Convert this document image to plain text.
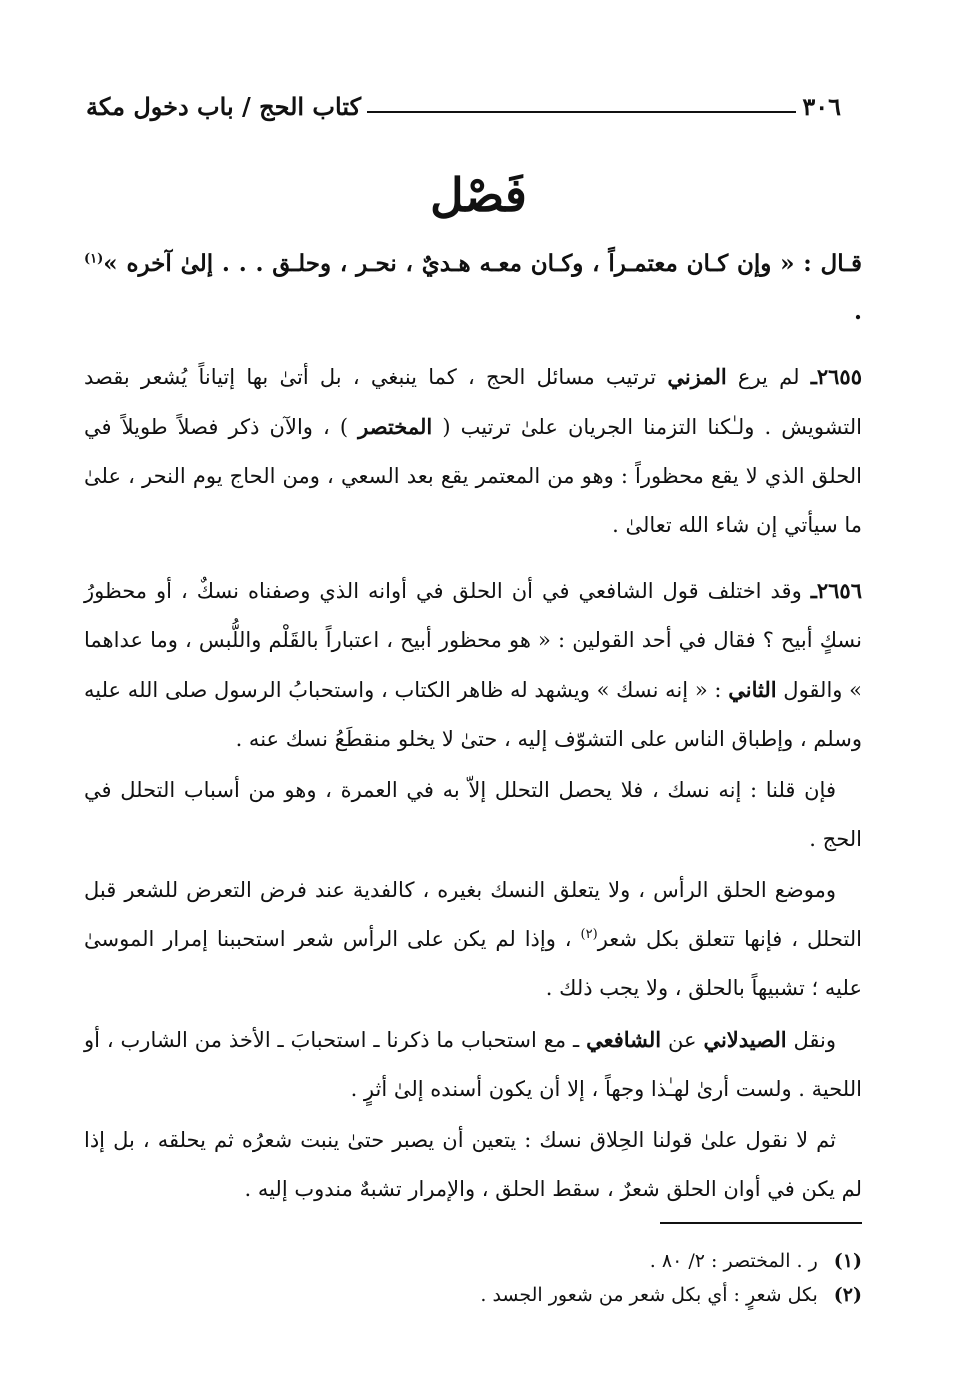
٣٠٦
كتاب الحج / باب دخول مكة
فَصْل

قـال : « وإن كـان معتمـراً ، وكـان معـه هـديٌ ، نحـر ، وحلـق . . . إلىٰ آخره »$^{(١)}$ .

٢٦٥٥ـ لم يرع المزني ترتيب مسائل الحج ، كما ينبغي ، بل أتىٰ بها إتياناً يُشعر بقصد التشويش . ولـٰكنا التزمنا الجريان علىٰ ترتيب ( المختصر ) ، والآن ذكر فصلاً طويلاً في الحلق الذي لا يقع محظوراً : وهو من المعتمر يقع بعد السعي ، ومن الحاج يوم النحر ، علىٰ ما سيأتي إن شاء الله تعالىٰ .

٢٦٥٦ـ وقد اختلف قول الشافعي في أن الحلق في أوانه الذي وصفناه نسكٌ ، أو محظورُ نسكٍ أبيح ؟ فقال في أحد القولين : « هو محظور أبيح ، اعتباراً بالقَلْم واللُّبس ، وما عداهما » والقول الثاني : « إنه نسك » ويشهد له ظاهر الكتاب ، واستحبابُ الرسول صلى الله عليه وسلم ، وإطباق الناس على التشوّف إليه ، حتىٰ لا يخلو منقطَعُ نسك عنه .

فإن قلنا : إنه نسك ، فلا يحصل التحلل إلاّ به في العمرة ، وهو من أسباب التحلل في الحج .

وموضع الحلق الرأس ، ولا يتعلق النسك بغيره ، كالفدية عند فرض التعرض للشعر قبل التحلل ، فإنها تتعلق بكل شعر$^{(٢)}$ ، وإذا لم يكن على الرأس شعر استحببنا إمرار الموسىٰ عليه ؛ تشبيهاً بالحلق ، ولا يجب ذلك .

ونقل الصيدلاني عن الشافعي ـ مع استحباب ما ذكرنا ـ استحبابَ ـ الأخذ من الشارب ، أو اللحية . ولست أرىٰ لهـٰذا وجهاً ، إلا أن يكون أسنده إلىٰ أثرٍ .

ثم لا نقول علىٰ قولنا الحِلاق نسك : يتعين أن يصبر حتىٰ ينبت شعرُه ثم يحلقه ، بل إذا لم يكن في أوان الحلق شعرٌ ، سقط الحلق ، والإمرار تشبهٌ مندوب إليه .

(١)
ر . المختصر : ٢/ ٨٠ .
(٢)
بكل شعرٍ : أي بكل شعر من شعور الجسد .
